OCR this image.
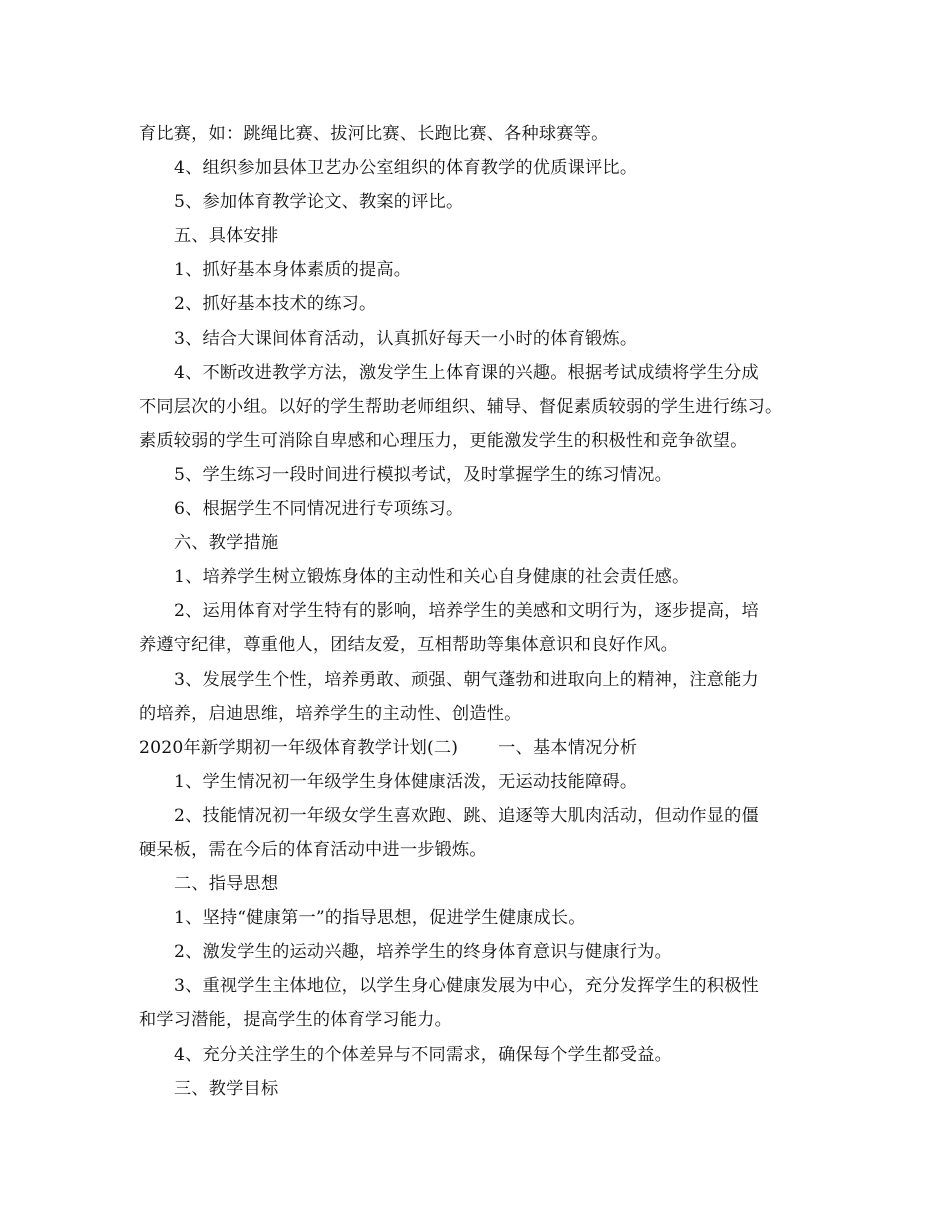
育比赛，如：跳绳比赛、拔河比赛、长跑比赛、各种球赛等。
4、组织参加县体卫艺办公室组织的体育教学的优质课评比。
5、参加体育教学论文、教案的评比。
五、具体安排
1、抓好基本身体素质的提高。
2、抓好基本技术的练习。
3、结合大课间体育活动，认真抓好每天一小时的体育锻炼。
4、不断改进教学方法，激发学生上体育课的兴趣。根据考试成绩将学生分成
不同层次的小组。以好的学生帮助老师组织、辅导、督促素质较弱的学生进行练习。
素质较弱的学生可消除自卑感和心理压力，更能激发学生的积极性和竞争欲望。
5、学生练习一段时间进行模拟考试，及时掌握学生的练习情况。
6、根据学生不同情况进行专项练习。
六、教学措施
1、培养学生树立锻炼身体的主动性和关心自身健康的社会责任感。
2、运用体育对学生特有的影响，培养学生的美感和文明行为，逐步提高，培
养遵守纪律，尊重他人，团结友爱，互相帮助等集体意识和良好作风。
3、发展学生个性，培养勇敢、顽强、朝气蓬勃和进取向上的精神，注意能力
的培养，启迪思维，培养学生的主动性、创造性。
2020年新学期初一年级体育教学计划(二) 一、基本情况分析
1、学生情况初一年级学生身体健康活泼，无运动技能障碍。
2、技能情况初一年级女学生喜欢跑、跳、追逐等大肌肉活动，但动作显的僵
硬呆板，需在今后的体育活动中进一步锻炼。
二、指导思想
1、坚持“健康第一”的指导思想，促进学生健康成长。
2、激发学生的运动兴趣，培养学生的终身体育意识与健康行为。
3、重视学生主体地位，以学生身心健康发展为中心，充分发挥学生的积极性
和学习潜能，提高学生的体育学习能力。
4、充分关注学生的个体差异与不同需求，确保每个学生都受益。
三、教学目标
